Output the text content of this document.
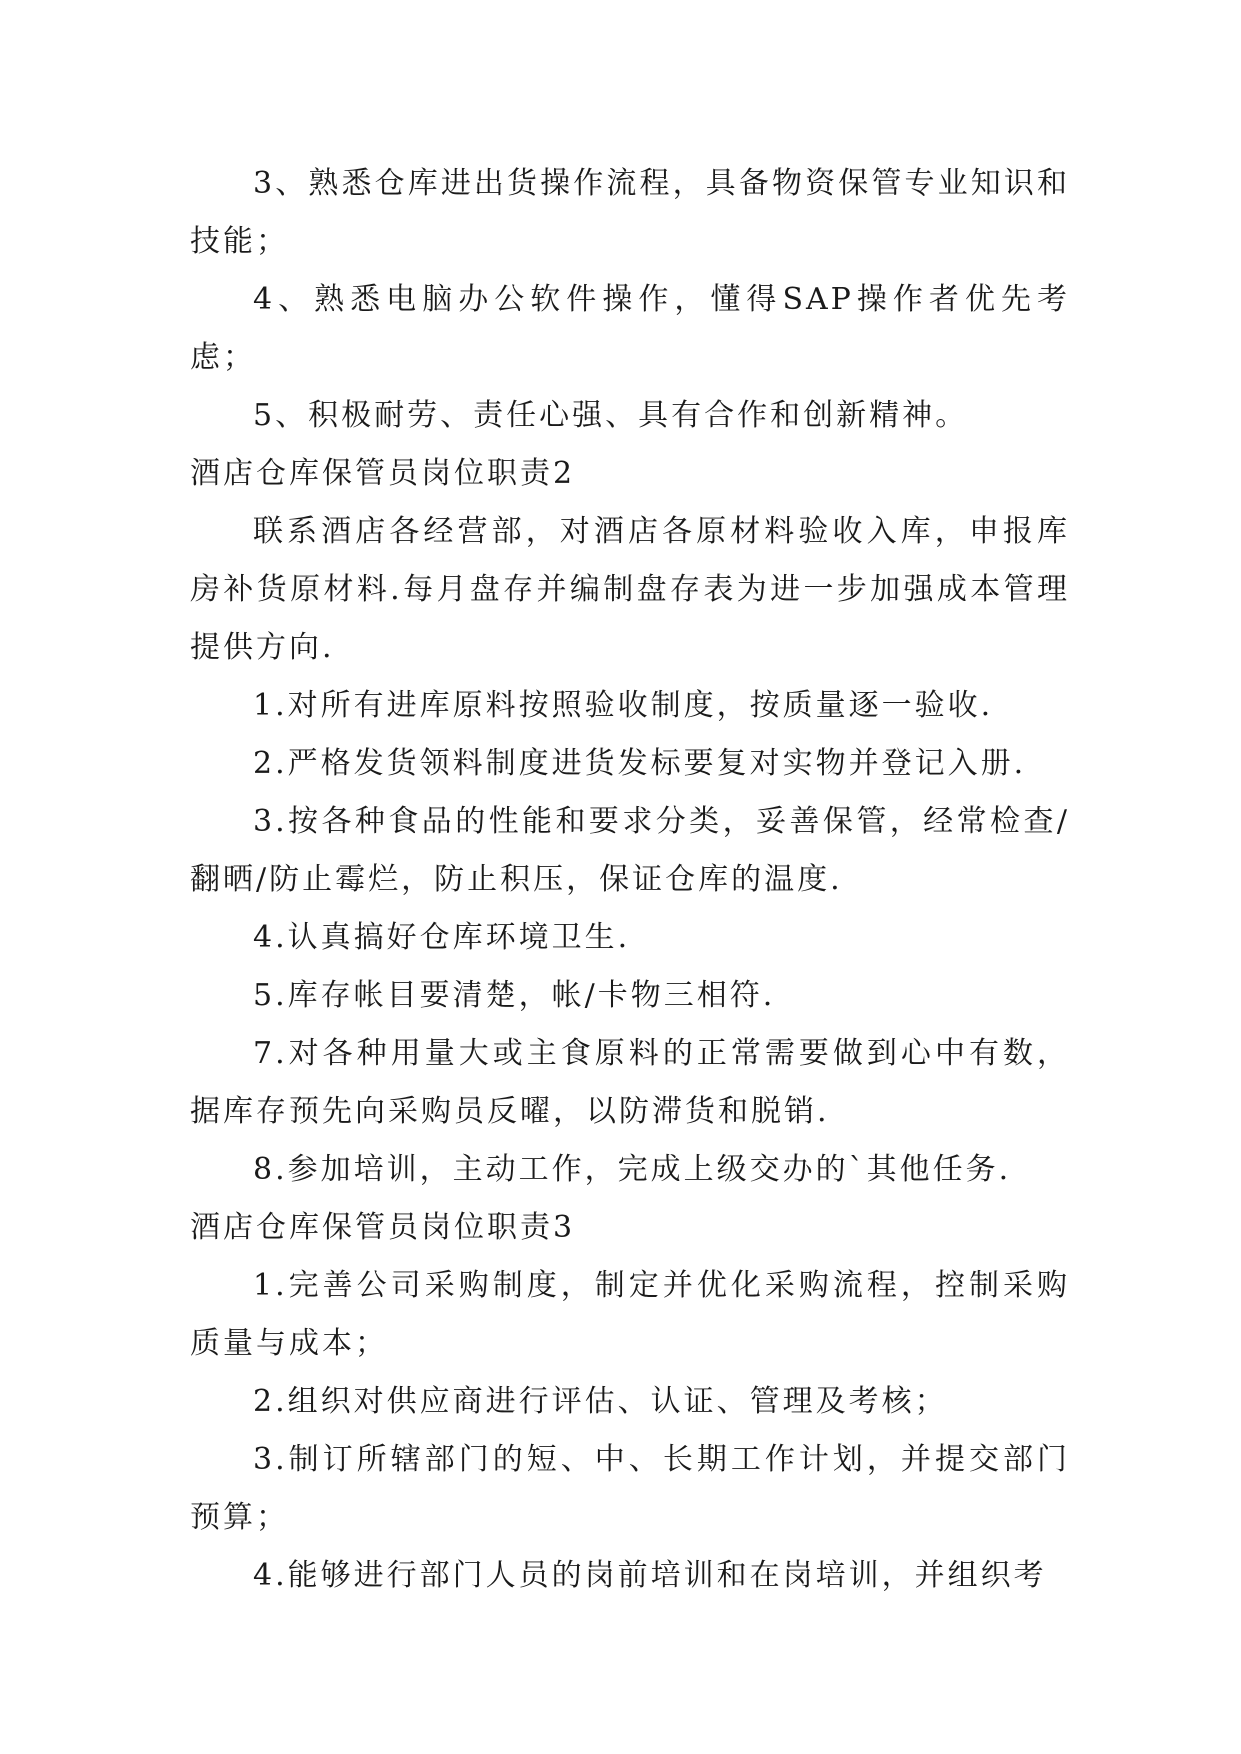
3、熟悉仓库进出货操作流程，具备物资保管专业知识和技能；

4、熟悉电脑办公软件操作，懂得SAP操作者优先考虑；

5、积极耐劳、责任心强、具有合作和创新精神。

酒店仓库保管员岗位职责2

联系酒店各经营部，对酒店各原材料验收入库，申报库房补货原材料.每月盘存并编制盘存表为进一步加强成本管理提供方向.

1.对所有进库原料按照验收制度，按质量逐一验收.

2.严格发货领料制度进货发标要复对实物并登记入册.

3.按各种食品的性能和要求分类，妥善保管，经常检查/翻晒/防止霉烂，防止积压，保证仓库的温度.

4.认真搞好仓库环境卫生.

5.库存帐目要清楚，帐/卡物三相符.

7.对各种用量大或主食原料的正常需要做到心中有数，据库存预先向采购员反曜，以防滞货和脱销.

8.参加培训，主动工作，完成上级交办的`其他任务.

酒店仓库保管员岗位职责3

1.完善公司采购制度，制定并优化采购流程，控制采购质量与成本；

2.组织对供应商进行评估、认证、管理及考核；

3.制订所辖部门的短、中、长期工作计划，并提交部门预算；

4.能够进行部门人员的岗前培训和在岗培训，并组织考
